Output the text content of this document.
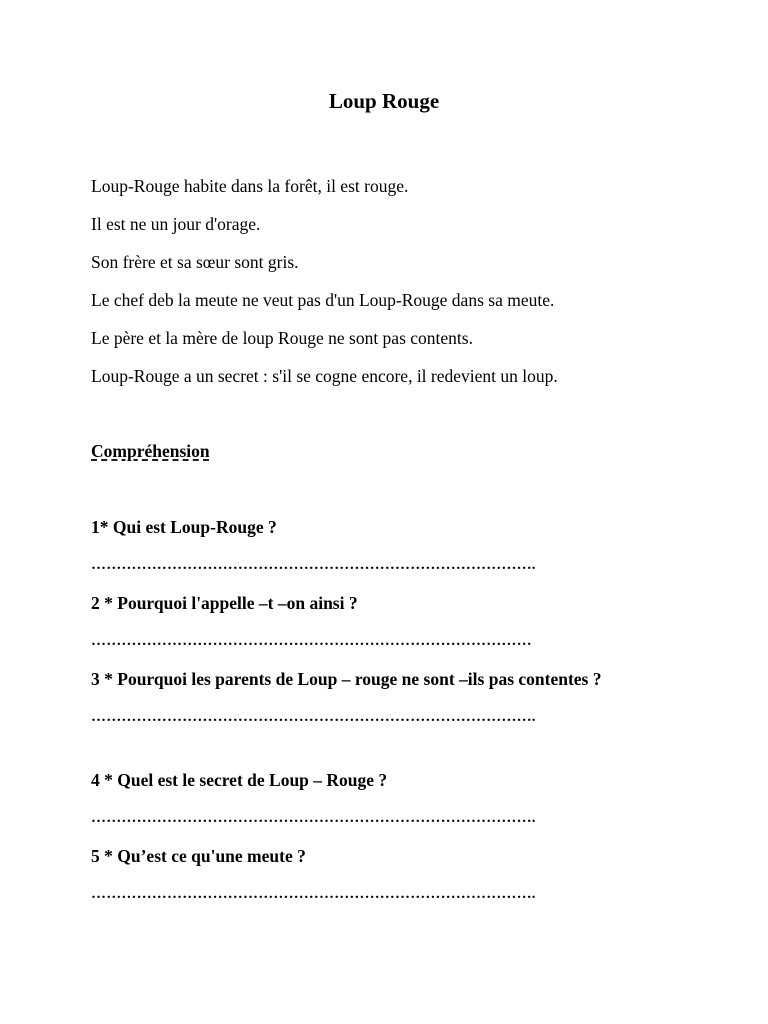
Loup Rouge
Loup-Rouge habite dans la forêt, il est rouge.
Il est ne un jour d'orage.
Son frère et sa sœur sont gris.
Le chef deb la meute ne veut pas d'un Loup-Rouge dans sa meute.
Le père et la mère de loup Rouge ne sont pas contents.
Loup-Rouge a un secret : s'il se cogne encore, il redevient un loup.
Compréhension
1* Qui est Loup-Rouge ?
…………………………………………………………………………….
2 * Pourquoi l'appelle –t –on ainsi ?
……………………………………………………………………………
3 * Pourquoi les parents de Loup – rouge ne sont –ils pas contentes ?
…………………………………………………………………………….
4 * Quel est le secret de Loup – Rouge ?
…………………………………………………………………………….
5 * Qu’est ce qu'une meute ?
…………………………………………………………………………….
